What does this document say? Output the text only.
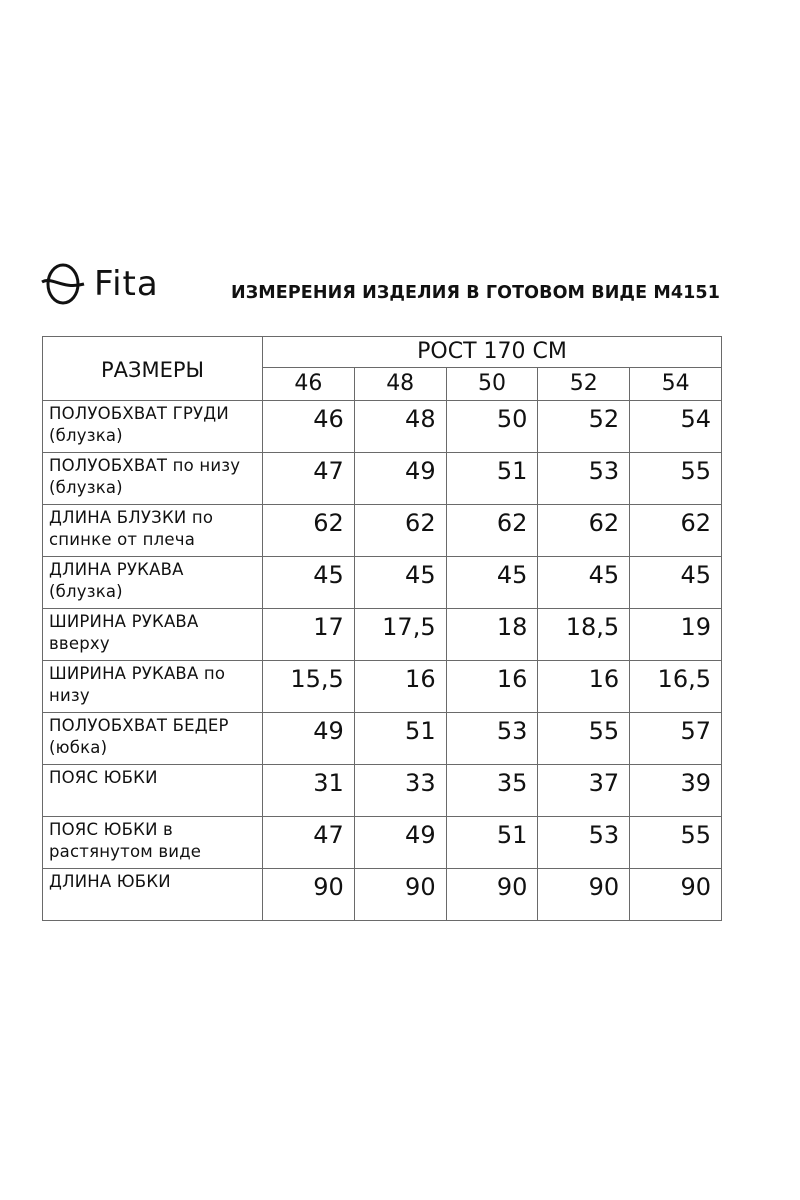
Fita	ИЗМЕРЕНИЯ ИЗДЕЛИЯ В ГОТОВОМ ВИДЕ M4151
РАЗМЕРЫ	РОСТ 170 СМ				
	46	48	50	52	54
ПОЛУОБХВАТ ГРУДИ (блузка)	46	48	50	52	54
ПОЛУОБХВАТ по низу (блузка)	47	49	51	53	55
ДЛИНА БЛУЗКИ по спинке от плеча	62	62	62	62	62
ДЛИНА РУКАВА (блузка)	45	45	45	45	45
ШИРИНА РУКАВА вверху	17	17,5	18	18,5	19
ШИРИНА РУКАВА по низу	15,5	16	16	16	16,5
ПОЛУОБХВАТ БЕДЕР (юбка)	49	51	53	55	57
ПОЯС ЮБКИ	31	33	35	37	39
ПОЯС ЮБКИ в растянутом виде	47	49	51	53	55
ДЛИНА ЮБКИ	90	90	90	90	90
